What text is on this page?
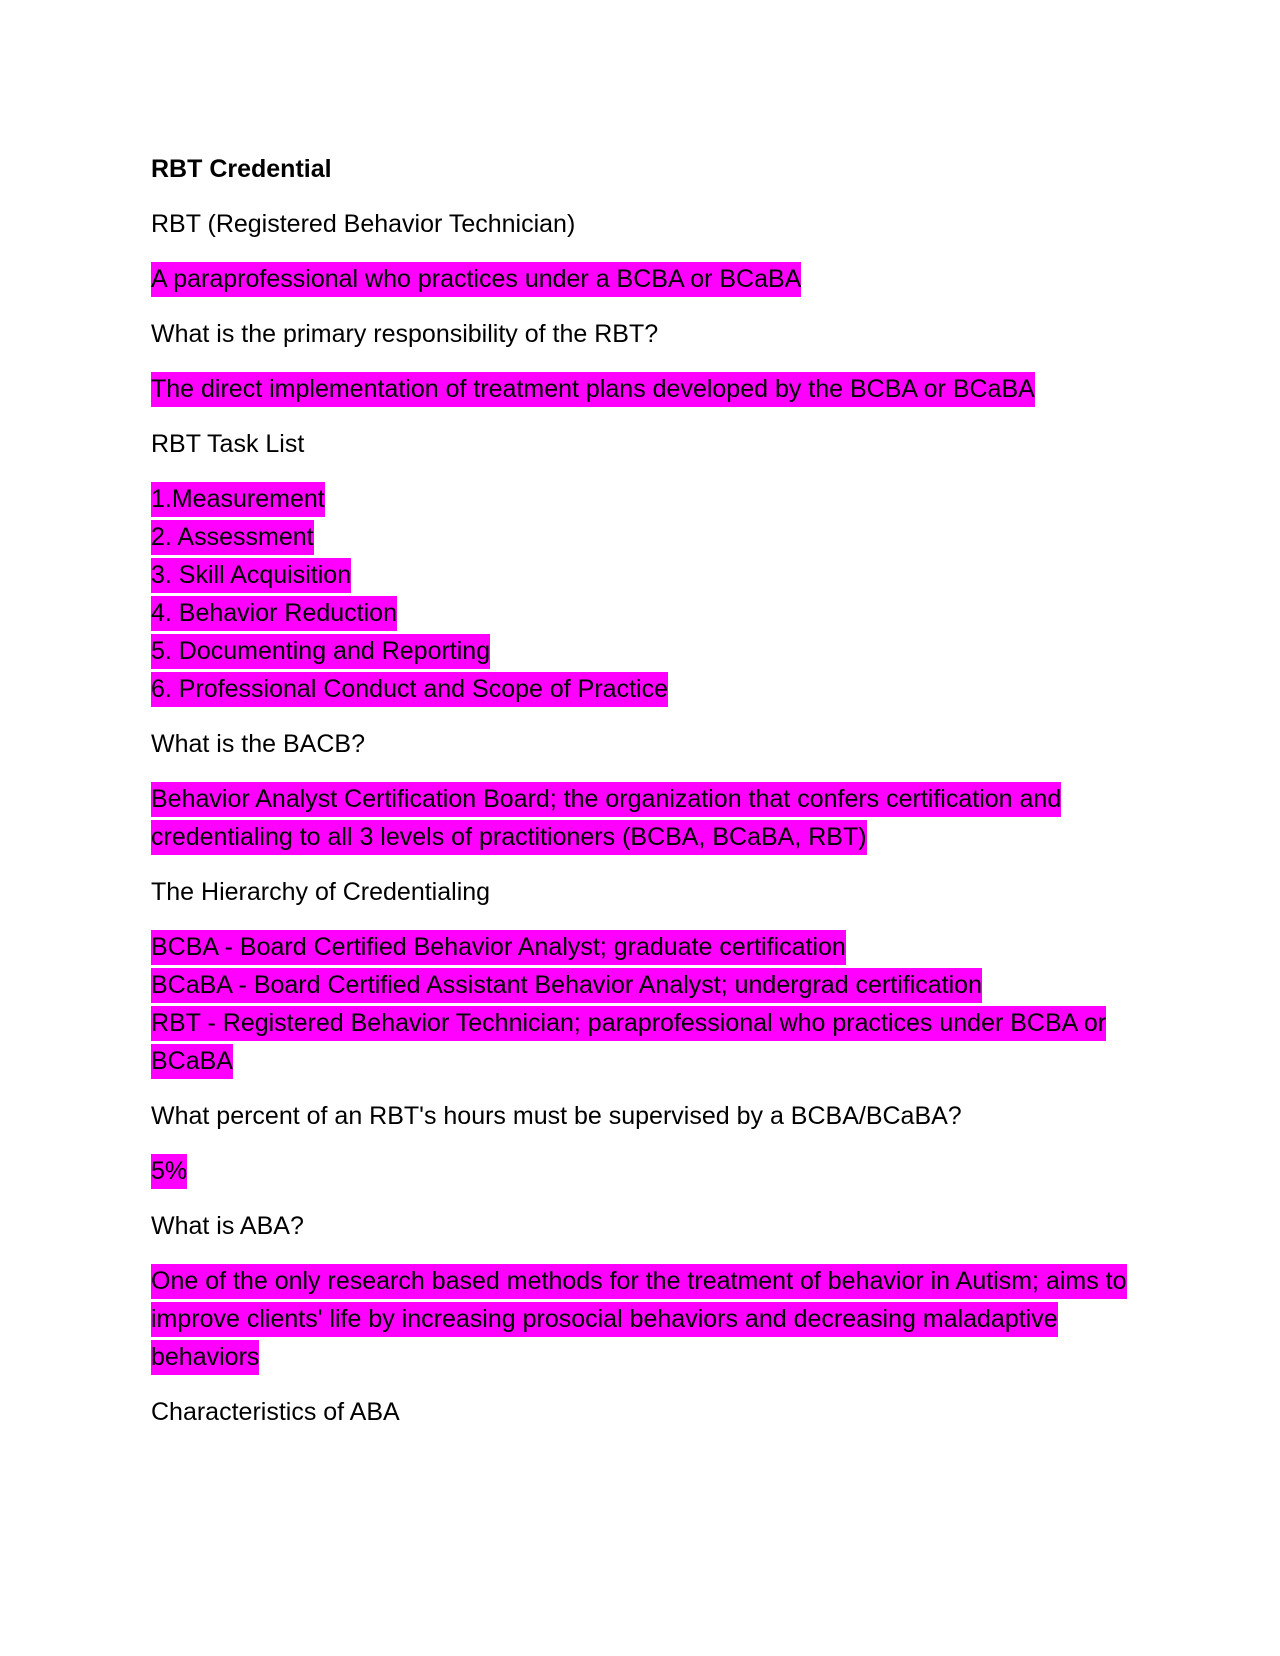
RBT Credential
RBT (Registered Behavior Technician)
A paraprofessional who practices under a BCBA or BCaBA
What is the primary responsibility of the RBT?
The direct implementation of treatment plans developed by the BCBA or BCaBA
RBT Task List
1.Measurement
2. Assessment
3. Skill Acquisition
4. Behavior Reduction
5. Documenting and Reporting
6. Professional Conduct and Scope of Practice
What is the BACB?
Behavior Analyst Certification Board; the organization that confers certification and credentialing to all 3 levels of practitioners (BCBA, BCaBA, RBT)
The Hierarchy of Credentialing
BCBA - Board Certified Behavior Analyst; graduate certification
BCaBA - Board Certified Assistant Behavior Analyst; undergrad certification
RBT - Registered Behavior Technician; paraprofessional who practices under BCBA or BCaBA
What percent of an RBT's hours must be supervised by a BCBA/BCaBA?
5%
What is ABA?
One of the only research based methods for the treatment of behavior in Autism; aims to improve clients' life by increasing prosocial behaviors and decreasing maladaptive behaviors
Characteristics of ABA
